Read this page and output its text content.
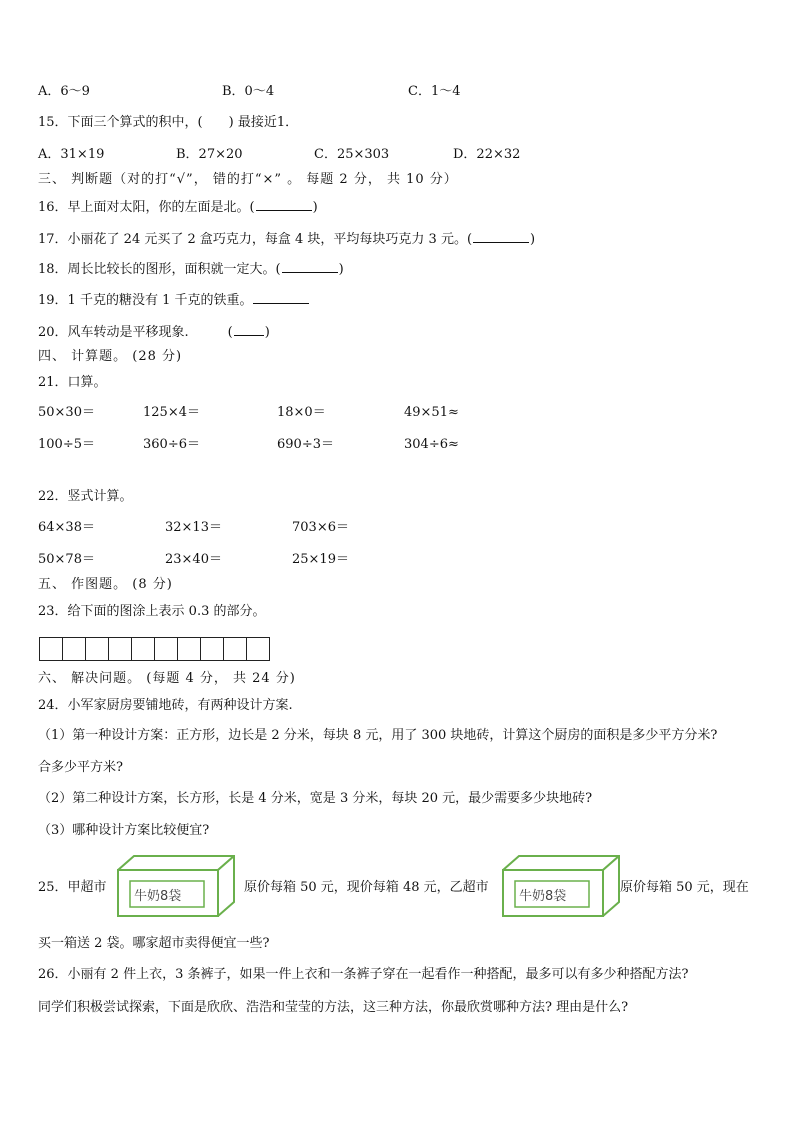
A．6～9	B．0～4	C．1～4
15．下面三个算式的积中，(　　) 最接近1．
A．31×19	B．27×20	C．25×303	D．22×32
三、 判断题（对的打“√”， 错的打“×” 。 每题 2 分， 共 10 分）
16．早上面对太阳，你的左面是北。(	)
17．小丽花了 24 元买了 2 盒巧克力，每盒 4 块，平均每块巧克力 3 元。(	)
18．周长比较长的图形，面积就一定大。(	)
19．1 千克的糖没有 1 千克的铁重。
20．风车转动是平移现象.　　　( )
四、 计算题。 (28 分)
21．口算。
50×30＝	125×4＝	18×0＝	49×51≈
100÷5＝	360÷6＝	690÷3＝	304÷6≈
22．竖式计算。
64×38＝	32×13＝	703×6＝
50×78＝	23×40＝	25×19＝
五、 作图题。 (8 分)
23．给下面的图涂上表示 0.3 的部分。
六、 解决问题。 (每题 4 分， 共 24 分)
24．小军家厨房要铺地砖，有两种设计方案.
（1）第一种设计方案：正方形，边长是 2 分米，每块 8 元，用了 300 块地砖，计算这个厨房的面积是多少平方分米?
合多少平方米?
（2）第二种设计方案，长方形，长是 4 分米，宽是 3 分米，每块 20 元，最少需要多少块地砖?
（3）哪种设计方案比较便宜?
25．甲超市
牛奶8袋
原价每箱 50 元，现价每箱 48 元，乙超市
牛奶8袋
原价每箱 50 元，现在
买一箱送 2 袋。哪家超市卖得便宜一些?
26．小丽有 2 件上衣，3 条裤子，如果一件上衣和一条裤子穿在一起看作一种搭配，最多可以有多少种搭配方法?
同学们积极尝试探索，下面是欣欣、浩浩和莹莹的方法，这三种方法，你最欣赏哪种方法? 理由是什么?
